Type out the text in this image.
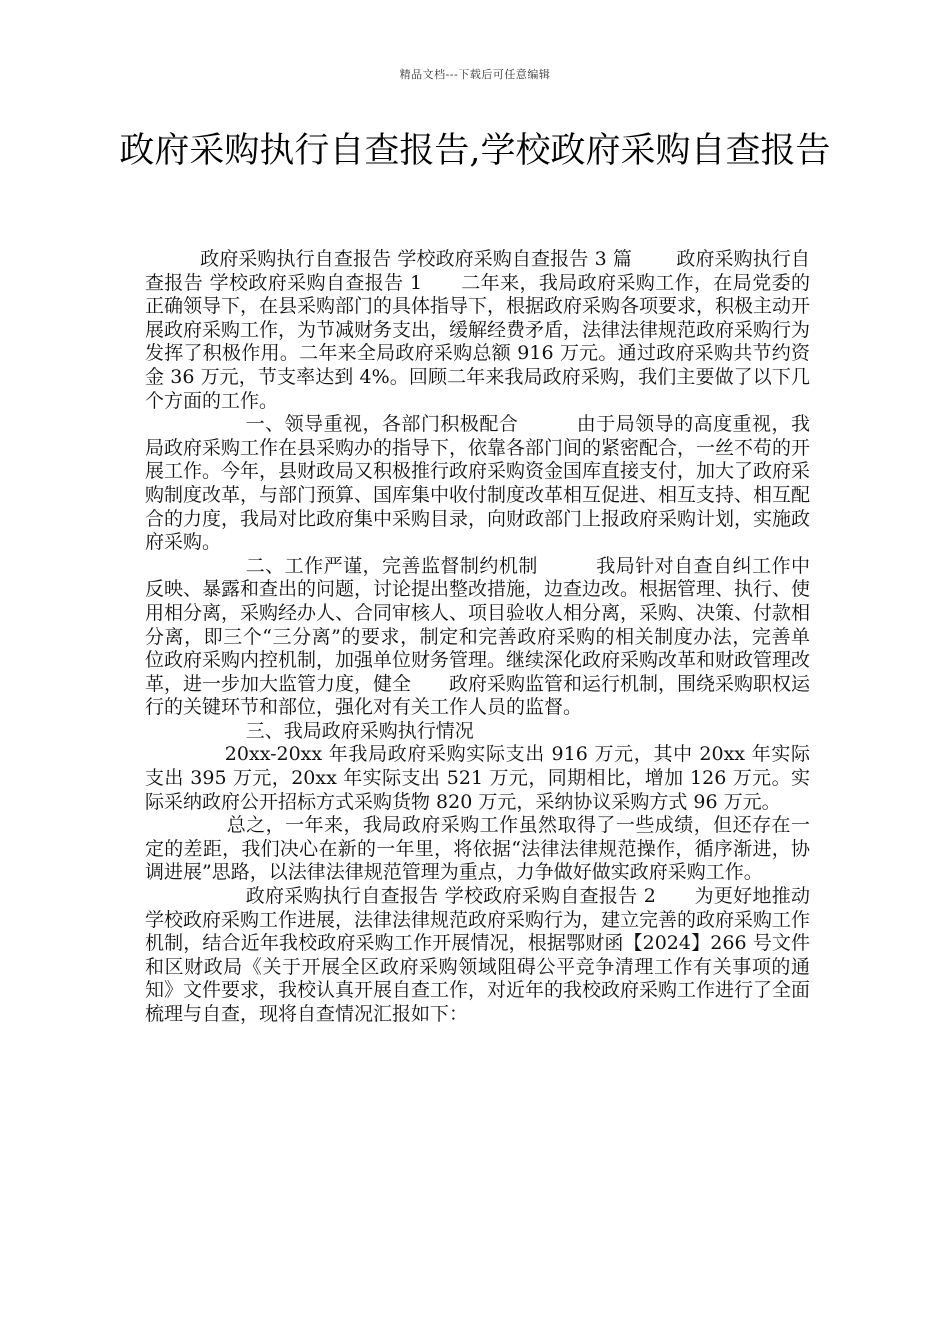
精品文档---下载后可任意编辑
政府采购执行自查报告,学校政府采购自查报告

政府采购执行自查报告 学校政府采购自查报告 3 篇　　 政府采购执行自查报告 学校政府采购自查报告 1　　二年来，我局政府采购工作，在局党委的正确领导下，在县采购部门的具体指导下，根据政府采购各项要求，积极主动开展政府采购工作，为节减财务支出，缓解经费矛盾，法律法律规范政府采购行为发挥了积极作用。二年来全局政府采购总额 916 万元。通过政府采购共节约资金 36 万元，节支率达到 4%。回顾二年来我局政府采购，我们主要做了以下几个方面的工作。

一、领导重视，各部门积极配合　　　由于局领导的高度重视，我局政府采购工作在县采购办的指导下，依靠各部门间的紧密配合，一丝不苟的开展工作。今年，县财政局又积极推行政府采购资金国库直接支付，加大了政府采购制度改革，与部门预算、国库集中收付制度改革相互促进、相互支持、相互配合的力度，我局对比政府集中采购目录，向财政部门上报政府采购计划，实施政府采购。

二、工作严谨，完善监督制约机制　　　我局针对自查自纠工作中反映、暴露和查出的问题，讨论提出整改措施，边查边改。根据管理、执行、使用相分离，采购经办人、合同审核人、项目验收人相分离，采购、决策、付款相分离，即三个“三分离”的要求，制定和完善政府采购的相关制度办法，完善单位政府采购内控机制，加强单位财务管理。继续深化政府采购改革和财政管理改革，进一步加大监管力度，健全　　政府采购监管和运行机制，围绕采购职权运行的关键环节和部位，强化对有关工作人员的监督。

三、我局政府采购执行情况

20xx-20xx 年我局政府采购实际支出 916 万元，其中 20xx 年实际支出 395 万元，20xx 年实际支出 521 万元，同期相比，增加 126 万元。实际采纳政府公开招标方式采购货物 820 万元，采纳协议采购方式 96 万元。

总之，一年来，我局政府采购工作虽然取得了一些成绩，但还存在一定的差距，我们决心在新的一年里，将依据“法律法律规范操作，循序渐进，协调进展”思路，以法律法律规范管理为重点，力争做好做实政府采购工作。

政府采购执行自查报告 学校政府采购自查报告 2　　为更好地推动学校政府采购工作进展，法律法律规范政府采购行为，建立完善的政府采购工作机制，结合近年我校政府采购工作开展情况，根据鄂财函【2024】266 号文件和区财政局《关于开展全区政府采购领域阻碍公平竞争清理工作有关事项的通知》文件要求，我校认真开展自查工作，对近年的我校政府采购工作进行了全面梳理与自查，现将自查情况汇报如下：
